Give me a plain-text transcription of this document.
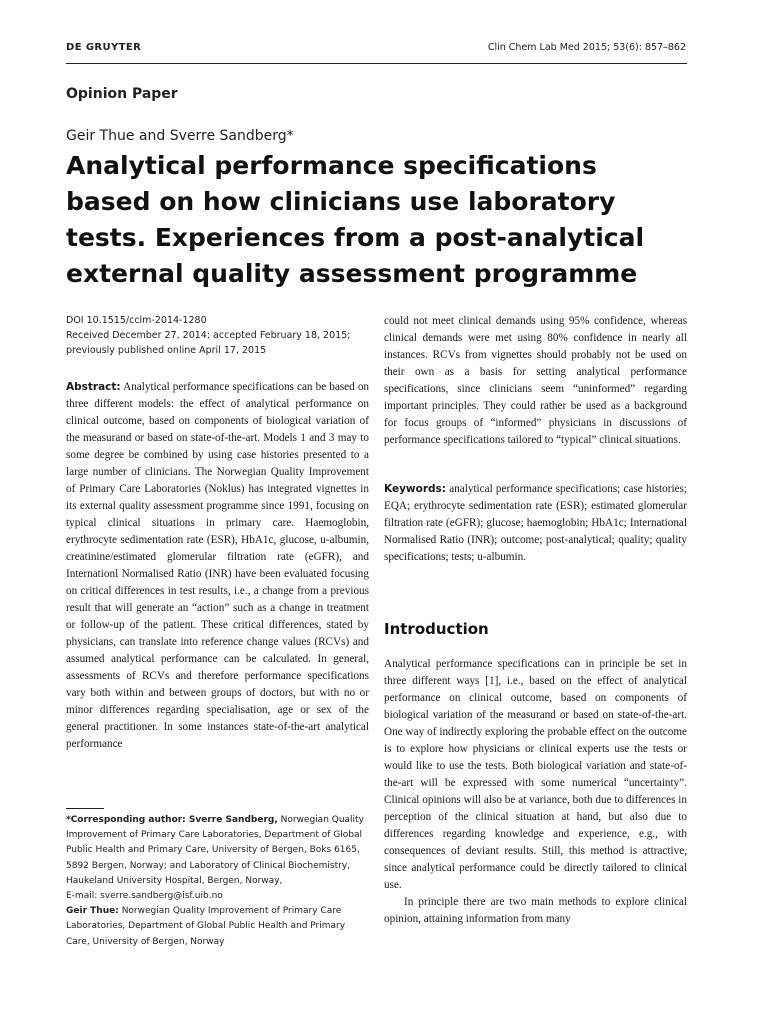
DE GRUYTER	Clin Chem Lab Med 2015; 53(6): 857–862
Opinion Paper
Geir Thue and Sverre Sandberg*
Analytical performance specifications based on how clinicians use laboratory tests. Experiences from a post-analytical external quality assessment programme
DOI 10.1515/cclm-2014-1280
Received December 27, 2014; accepted February 18, 2015; previously published online April 17, 2015

Abstract: Analytical performance specifications can be based on three different models: the effect of analytical performance on clinical outcome, based on components of biological variation of the measurand or based on state-of-the-art. Models 1 and 3 may to some degree be combined by using case histories presented to a large number of clinicians. The Norwegian Quality Improvement of Primary Care Laboratories (Noklus) has integrated vignettes in its external quality assessment programme since 1991, focusing on typical clinical situations in primary care. Haemoglobin, erythrocyte sedimentation rate (ESR), HbA1c, glucose, u-albumin, creatinine/estimated glomerular filtration rate (eGFR), and Internationl Normalised Ratio (INR) have been evaluated focusing on critical differences in test results, i.e., a change from a previous result that will generate an “action” such as a change in treatment or follow-up of the patient. These critical differences, stated by physicians, can translate into reference change values (RCVs) and assumed analytical performance can be calculated. In general, assessments of RCVs and therefore performance specifications vary both within and between groups of doctors, but with no or minor differences regarding specialisation, age or sex of the general practitioner. In some instances state-of-the-art analytical performance

could not meet clinical demands using 95% confidence, whereas clinical demands were met using 80% confidence in nearly all instances. RCVs from vignettes should probably not be used on their own as a basis for setting analytical performance specifications, since clinicians seem “uninformed” regarding important principles. They could rather be used as a background for focus groups of “informed” physicians in discussions of performance specifications tailored to “typical” clinical situations.

Keywords: analytical performance specifications; case histories; EQA; erythrocyte sedimentation rate (ESR); estimated glomerular filtration rate (eGFR); glucose; haemoglobin; HbA1c; International Normalised Ratio (INR); outcome; post-analytical; quality; quality specifications; tests; u-albumin.

Introduction

Analytical performance specifications can in principle be set in three different ways [1], i.e., based on the effect of analytical performance on clinical outcome, based on components of biological variation of the measurand or based on state-of-the-art. One way of indirectly exploring the probable effect on the outcome is to explore how physicians or clinical experts use the tests or would like to use the tests. Both biological variation and state-of-the-art will be expressed with some numerical “uncertainty”. Clinical opinions will also be at variance, both due to differences in perception of the clinical situation at hand, but also due to differences regarding knowledge and experience, e.g., with consequences of deviant results. Still, this method is attractive, since analytical performance could be directly tailored to clinical use.

In principle there are two main methods to explore clinical opinion, attaining information from many

*Corresponding author: Sverre Sandberg, Norwegian Quality Improvement of Primary Care Laboratories, Department of Global Public Health and Primary Care, University of Bergen, Boks 6165, 5892 Bergen, Norway; and Laboratory of Clinical Biochemistry, Haukeland University Hospital, Bergen, Norway,
E-mail: sverre.sandberg@isf.uib.no
Geir Thue: Norwegian Quality Improvement of Primary Care Laboratories, Department of Global Public Health and Primary Care, University of Bergen, Norway
